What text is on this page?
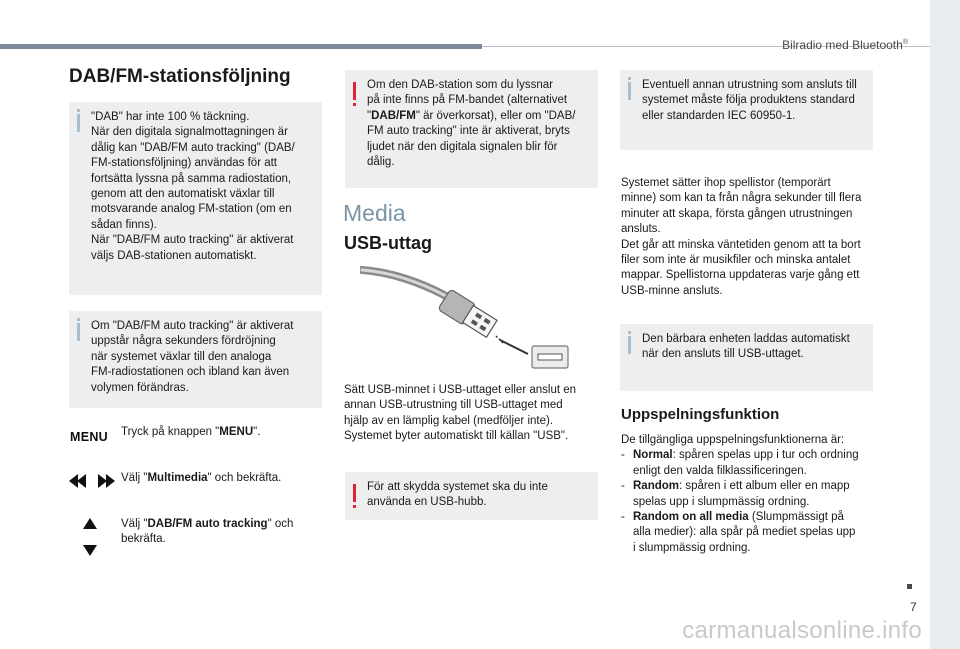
Bilradio med Bluetooth®
DAB/FM-stationsföljning
"DAB" har inte 100 % täckning.
När den digitala signalmottagningen är
dålig kan "DAB/FM auto tracking" (DAB/
FM-stationsföljning) användas för att
fortsätta lyssna på samma radiostation,
genom att den automatiskt växlar till
motsvarande analog FM-station (om en
sådan finns).
När "DAB/FM auto tracking" är aktiverat
väljs DAB-stationen automatiskt.
Om "DAB/FM auto tracking" är aktiverat
uppstår några sekunders fördröjning
när systemet växlar till den analoga
FM-radiostationen och ibland kan även
volymen förändras.
MENU Tryck på knappen "MENU".
Välj "Multimedia" och bekräfta.
Välj "DAB/FM auto tracking" och
bekräfta.
Om den DAB-station som du lyssnar
på inte finns på FM-bandet (alternativet
"DAB/FM" är överkorsat), eller om "DAB/
FM auto tracking" inte är aktiverat, bryts
ljudet när den digitala signalen blir för
dålig.
Media
USB-uttag
Sätt USB-minnet i USB-uttaget eller anslut en
annan USB-utrustning till USB-uttaget med
hjälp av en lämplig kabel (medföljer inte).
Systemet byter automatiskt till källan "USB".
För att skydda systemet ska du inte
använda en USB-hubb.
Eventuell annan utrustning som ansluts till
systemet måste följa produktens standard
eller standarden IEC 60950-1.
Systemet sätter ihop spellistor (temporärt
minne) som kan ta från några sekunder till flera
minuter att skapa, första gången utrustningen
ansluts.
Det går att minska väntetiden genom att ta bort
filer som inte är musikfiler och minska antalet
mappar. Spellistorna uppdateras varje gång ett
USB-minne ansluts.
Den bärbara enheten laddas automatiskt
när den ansluts till USB-uttaget.
Uppspelningsfunktion
De tillgängliga uppspelningsfunktionerna är:
- Normal: spåren spelas upp i tur och ordning
enligt den valda filklassificeringen.
- Random: spåren i ett album eller en mapp
spelas upp i slumpmässig ordning.
- Random on all media (Slumpmässigt på
alla medier): alla spår på mediet spelas upp
i slumpmässig ordning.
7
carmanualsonline.info
